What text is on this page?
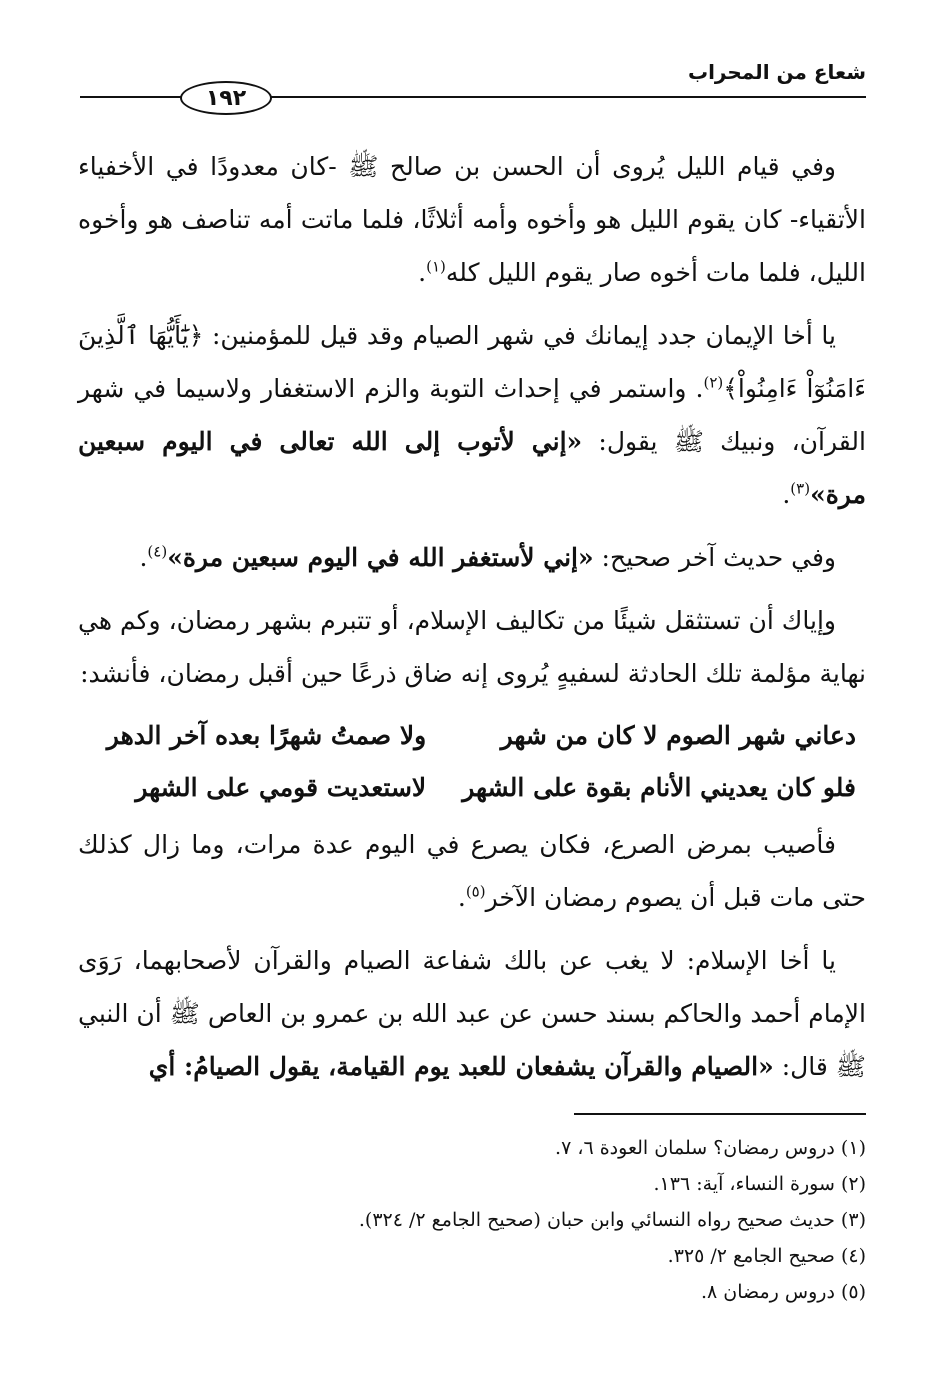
شعاع من المحراب
١٩٢

وفي قيام الليل يُروى أن الحسن بن صالح ﷺ -كان معدودًا في الأخفياء الأتقياء- كان يقوم الليل هو وأخوه وأمه أثلاثًا، فلما ماتت أمه تناصف هو وأخوه الليل، فلما مات أخوه صار يقوم الليل كله$^{(١)}$.

يا أخا الإيمان جدد إيمانك في شهر الصيام وقد قيل للمؤمنين: ﴿يَٰٓأَيُّهَا ٱلَّذِينَ ءَامَنُوٓاْ ءَامِنُواْ﴾$^{(٢)}$. واستمر في إحداث التوبة والزم الاستغفار ولاسيما في شهر القرآن، ونبيك ﷺ يقول: «إني لأتوب إلى الله تعالى في اليوم سبعين مرة»$^{(٣)}$.

وفي حديث آخر صحيح: «إني لأستغفر الله في اليوم سبعين مرة»$^{(٤)}$.

وإياك أن تستثقل شيئًا من تكاليف الإسلام، أو تتبرم بشهر رمضان، وكم هي نهاية مؤلمة تلك الحادثة لسفيهٍ يُروى إنه ضاق ذرعًا حين أقبل رمضان، فأنشد:

دعاني شهر الصوم لا كان من شهر
ولا صمتُ شهرًا بعده آخر الدهر
فلو كان يعديني الأنام بقوة على الشهر
لاستعديت قومي على الشهر

فأصيب بمرض الصرع، فكان يصرع في اليوم عدة مرات، وما زال كذلك حتى مات قبل أن يصوم رمضان الآخر$^{(٥)}$.

يا أخا الإسلام: لا يغب عن بالك شفاعة الصيام والقرآن لأصحابهما، رَوَى الإمام أحمد والحاكم بسند حسن عن عبد الله بن عمرو بن العاص ﷺ أن النبي ﷺ قال: «الصيام والقرآن يشفعان للعبد يوم القيامة، يقول الصيامُ: أي

(١) دروس رمضان؟ سلمان العودة ٦، ٧.
(٢) سورة النساء، آية: ١٣٦.
(٣) حديث صحيح رواه النسائي وابن حبان (صحيح الجامع ٢/ ٣٢٤).
(٤) صحيح الجامع ٢/ ٣٢٥.
(٥) دروس رمضان ٨.
